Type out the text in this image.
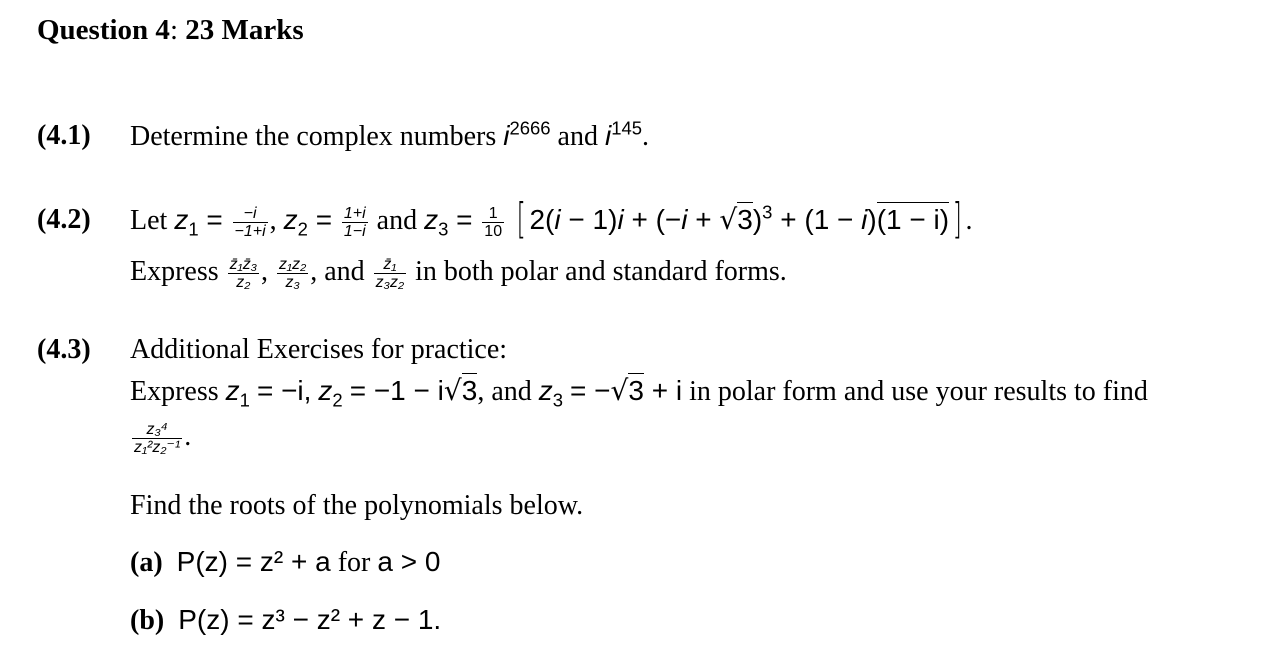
Question 4: 23 Marks
(4.1) Determine the complex numbers $i^{2666}$ and $i^{145}$.
(4.2) Let $z_1 = \frac{-i}{-1+i}$ , $z_2 = \frac{1+i}{1-i}$ and $z_3 = \frac{1}{10}$ [ $2(i - 1)i + (-i + √3)^3 + (1 - i)(1 - i)$] .
Express $\frac{\text{z̄₁z̄₃}}{\text{z₂}}$ , $\frac{\text{z₁z₂}}{\text{z₃}}$ , and $\frac{\text{z̄₁}}{\text{z₃z₂}}$ in both polar and standard forms.
(4.3) Additional Exercises for practice:
Express $z_1 = -i$, $z_2 = -1 - i√3$, and $z_3 = -√3 + i$ in polar form and use your results to find
$\frac{\text{z₃⁴}}{\text{z₁²z₂⁻¹}}$ .
Find the roots of the polynomials below.
(a) P(z) = z² + a for a > 0
(b) P(z) = z³ − z² + z − 1.
